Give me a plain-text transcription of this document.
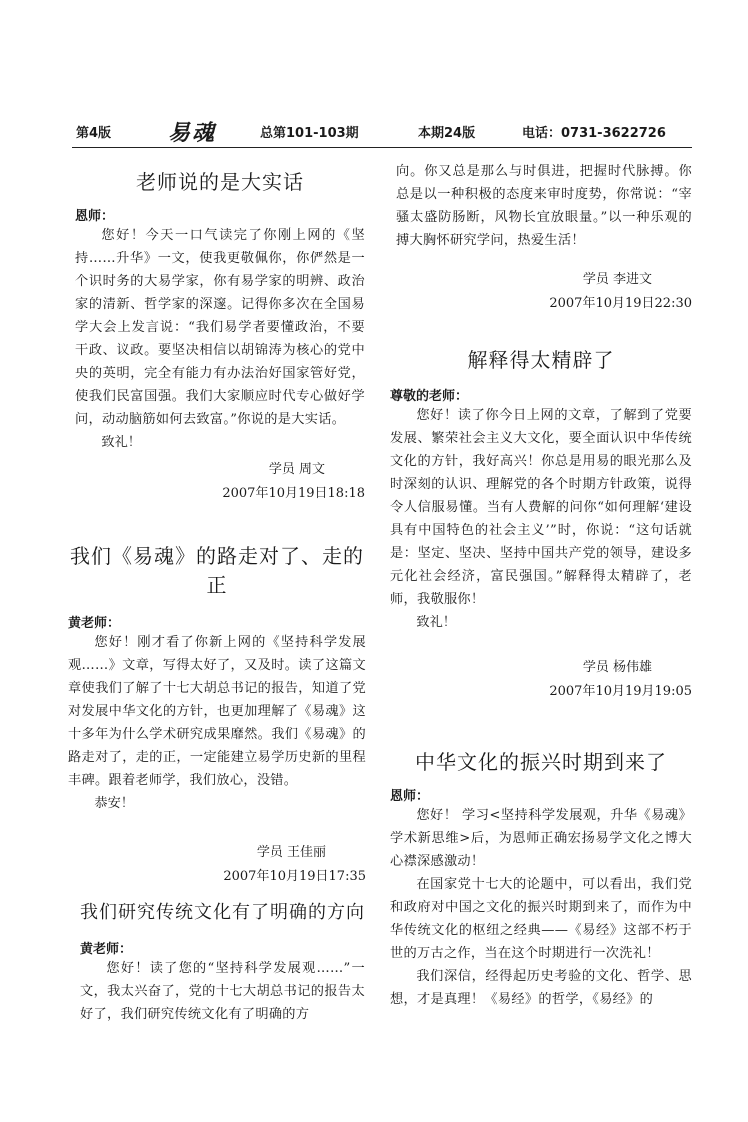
第4版	易魂	总第101-103期	本期24版	电话：0731-3622726

老师说的是大实话

恩师：

您好！今天一口气读完了你刚上网的《坚持……升华》一文，使我更敬佩你，你俨然是一个识时务的大易学家，你有易学家的明辨、政治家的清新、哲学家的深邃。记得你多次在全国易学大会上发言说：“我们易学者要懂政治，不要干政、议政。要坚决相信以胡锦涛为核心的党中央的英明，完全有能力有办法治好国家管好党，使我们民富国强。我们大家顺应时代专心做好学问，动动脑筋如何去致富。”你说的是大实话。

致礼！

学员 周文

2007年10月19日18:18

我们《易魂》的路走对了、走的正

黄老师：

您好！刚才看了你新上网的《坚持科学发展观……》文章，写得太好了，又及时。读了这篇文章使我们了解了十七大胡总书记的报告，知道了党对发展中华文化的方针，也更加理解了《易魂》这十多年为什么学术研究成果靡然。我们《易魂》的路走对了，走的正，一定能建立易学历史新的里程丰碑。跟着老师学，我们放心，没错。

恭安！

学员 王佳丽

2007年10月19日17:35

我们研究传统文化有了明确的方向

黄老师：

您好！读了您的“坚持科学发展观……”一文，我太兴奋了，党的十七大胡总书记的报告太好了，我们研究传统文化有了明确的方

向。你又总是那么与时俱进，把握时代脉搏。你总是以一种积极的态度来审时度势，你常说：“宰骚太盛防肠断，风物长宜放眼量。”以一种乐观的搏大胸怀研究学问，热爱生活！

学员 李进文

2007年10月19日22:30

解释得太精辟了

尊敬的老师：

您好！读了你今日上网的文章，了解到了党要发展、繁荣社会主义大文化，要全面认识中华传统文化的方针，我好高兴！你总是用易的眼光那么及时深刻的认识、理解党的各个时期方针政策，说得令人信服易懂。当有人费解的问你“如何理解‘建设具有中国特色的社会主义’”时，你说：“这句话就是：坚定、坚决、坚持中国共产党的领导，建设多元化社会经济，富民强国。”解释得太精辟了，老师，我敬服你！

致礼！

学员 杨伟雄

2007年10月19月19:05

中华文化的振兴时期到来了

恩师：

您好！ 学习<坚持科学发展观，升华《易魂》学术新思维>后，为恩师正确宏扬易学文化之博大心襟深感激动！

在国家党十七大的论题中，可以看出，我们党和政府对中国之文化的振兴时期到来了，而作为中华传统文化的枢纽之经典——《易经》这部不朽于世的万古之作，当在这个时期进行一次洗礼！

我们深信，经得起历史考验的文化、哲学、思想，才是真理！《易经》的哲学，《易经》的
